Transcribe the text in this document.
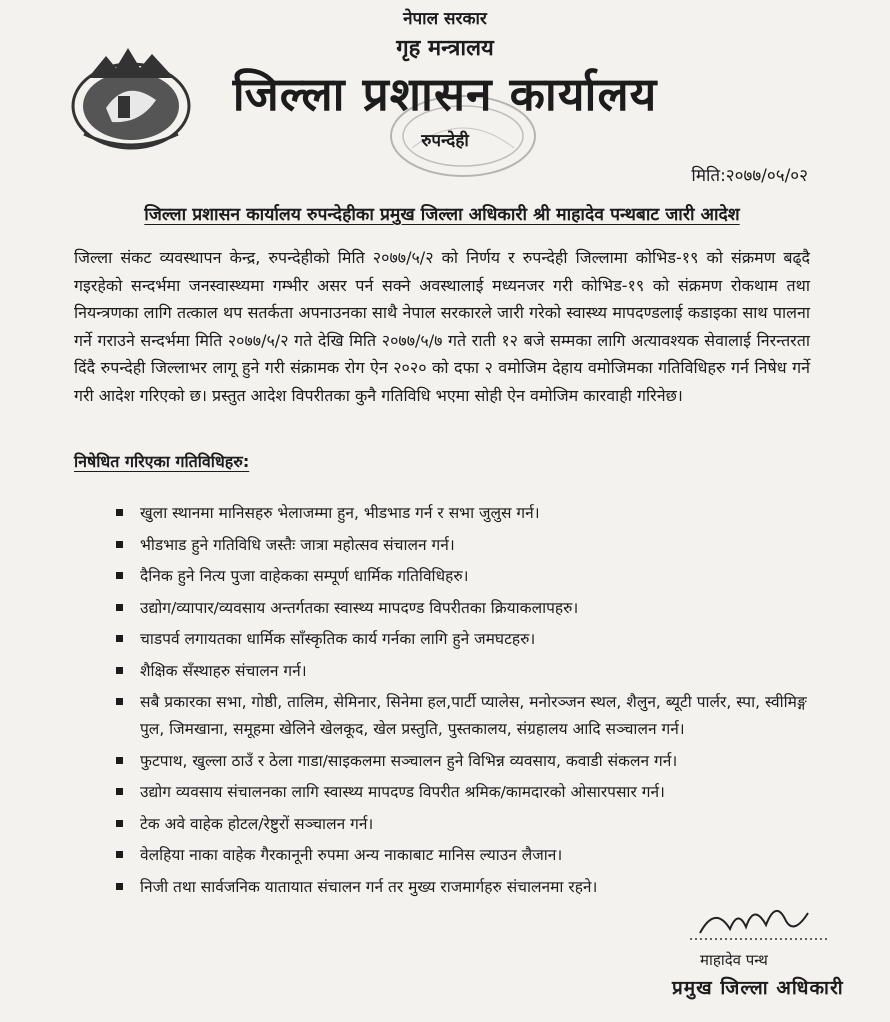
नेपाल सरकार
गृह मन्त्रालय
जिल्ला प्रशासन कार्यालय
रुपन्देही
मिति:२०७७/०५/०२
जिल्ला प्रशासन कार्यालय रुपन्देहीका प्रमुख जिल्ला अधिकारी श्री माहादेव पन्थबाट जारी आदेश
जिल्ला संकट व्यवस्थापन केन्द्र, रुपन्देहीको मिति २०७७/५/२ को निर्णय र रुपन्देही जिल्लामा कोभिड-१९ को संक्रमण बढ्दै गइरहेको सन्दर्भमा जनस्वास्थ्यमा गम्भीर असर पर्न सक्ने अवस्थालाई मध्यनजर गरी कोभिड-१९ को संक्रमण रोकथाम तथा नियन्त्रणका लागि तत्काल थप सतर्कता अपनाउनका साथै नेपाल सरकारले जारी गरेको स्वास्थ्य मापदण्डलाई कडाइका साथ पालना गर्ने गराउने सन्दर्भमा मिति २०७७/५/२ गते देखि मिति २०७७/५/७ गते राती १२ बजे सम्मका लागि अत्यावश्यक सेवालाई निरन्तरता दिंदै रुपन्देही जिल्लाभर लागू हुने गरी संक्रामक रोग ऐन २०२० को दफा २ वमोजिम देहाय वमोजिमका गतिविधिहरु गर्न निषेध गर्ने गरी आदेश गरिएको छ। प्रस्तुत आदेश विपरीतका कुनै गतिविधि भएमा सोही ऐन वमोजिम कारवाही गरिनेछ।
निषेधित गरिएका गतिविधिहरु:
खुला स्थानमा मानिसहरु भेलाजम्मा हुन, भीडभाड गर्न र सभा जुलुस गर्न।
भीडभाड हुने गतिविधि जस्तैः जात्रा महोत्सव संचालन गर्न।
दैनिक हुने नित्य पुजा वाहेकका सम्पूर्ण धार्मिक गतिविधिहरु।
उद्योग/व्यापार/व्यवसाय अन्तर्गतका स्वास्थ्य मापदण्ड विपरीतका क्रियाकलापहरु।
चाडपर्व लगायतका धार्मिक साँस्कृतिक कार्य गर्नका लागि हुने जमघटहरु।
शैक्षिक सँस्थाहरु संचालन गर्न।
सबै प्रकारका सभा, गोष्ठी, तालिम, सेमिनार, सिनेमा हल,पार्टी प्यालेस, मनोरञ्जन स्थल, शैलुन, ब्यूटी पार्लर, स्पा, स्वीमिङ्ग पुल, जिमखाना, समूहमा खेलिने खेलकूद, खेल प्रस्तुति, पुस्तकालय, संग्रहालय आदि सञ्चालन गर्न।
फुटपाथ, खुल्ला ठाउँ र ठेला गाडा/साइकलमा सञ्चालन हुने विभिन्न व्यवसाय, कवाडी संकलन गर्न।
उद्योग व्यवसाय संचालनका लागि स्वास्थ्य मापदण्ड विपरीत श्रमिक/कामदारको ओसारपसार गर्न।
टेक अवे वाहेक होटल/रेष्टुरों सञ्चालन गर्न।
वेलहिया नाका वाहेक गैरकानूनी रुपमा अन्य नाकाबाट मानिस ल्याउन लैजान।
निजी तथा सार्वजनिक यातायात संचालन गर्न तर मुख्य राजमार्गहरु संचालनमा रहने।
माहादेव पन्थ
प्रमुख जिल्ला अधिकारी
